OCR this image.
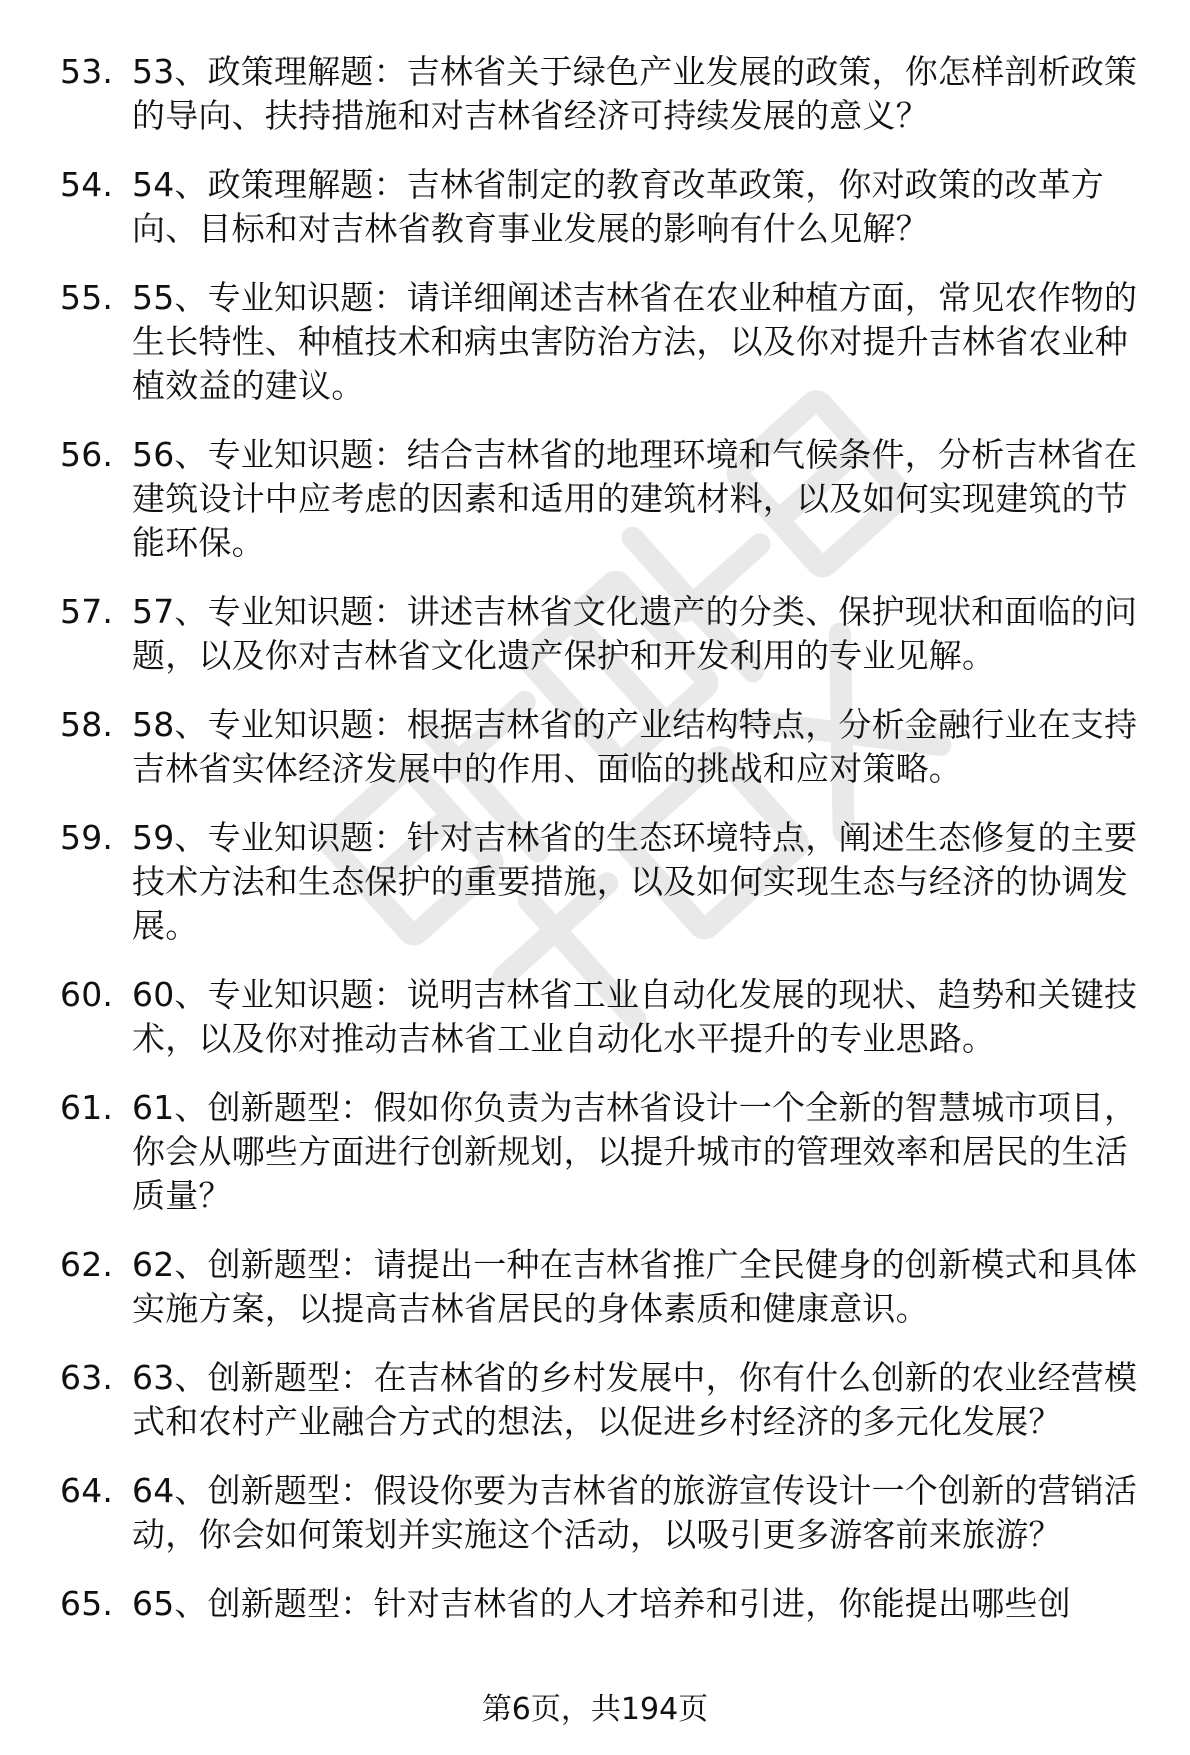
53. 53、政策理解题：吉林省关于绿色产业发展的政策，你怎样剖析政策的导向、扶持措施和对吉林省经济可持续发展的意义？
54. 54、政策理解题：吉林省制定的教育改革政策，你对政策的改革方向、目标和对吉林省教育事业发展的影响有什么见解？
55. 55、专业知识题：请详细阐述吉林省在农业种植方面，常见农作物的生长特性、种植技术和病虫害防治方法，以及你对提升吉林省农业种植效益的建议。
56. 56、专业知识题：结合吉林省的地理环境和气候条件，分析吉林省在建筑设计中应考虑的因素和适用的建筑材料，以及如何实现建筑的节能环保。
57. 57、专业知识题：讲述吉林省文化遗产的分类、保护现状和面临的问题，以及你对吉林省文化遗产保护和开发利用的专业见解。
58. 58、专业知识题：根据吉林省的产业结构特点，分析金融行业在支持吉林省实体经济发展中的作用、面临的挑战和应对策略。
59. 59、专业知识题：针对吉林省的生态环境特点，阐述生态修复的主要技术方法和生态保护的重要措施，以及如何实现生态与经济的协调发展。
60. 60、专业知识题：说明吉林省工业自动化发展的现状、趋势和关键技术，以及你对推动吉林省工业自动化水平提升的专业思路。
61. 61、创新题型：假如你负责为吉林省设计一个全新的智慧城市项目，你会从哪些方面进行创新规划，以提升城市的管理效率和居民的生活质量？
62. 62、创新题型：请提出一种在吉林省推广全民健身的创新模式和具体实施方案，以提高吉林省居民的身体素质和健康意识。
63. 63、创新题型：在吉林省的乡村发展中，你有什么创新的农业经营模式和农村产业融合方式的想法，以促进乡村经济的多元化发展？
64. 64、创新题型：假设你要为吉林省的旅游宣传设计一个创新的营销活动，你会如何策划并实施这个活动，以吸引更多游客前来旅游？
65. 65、创新题型：针对吉林省的人才培养和引进，你能提出哪些创
第6页，共194页
